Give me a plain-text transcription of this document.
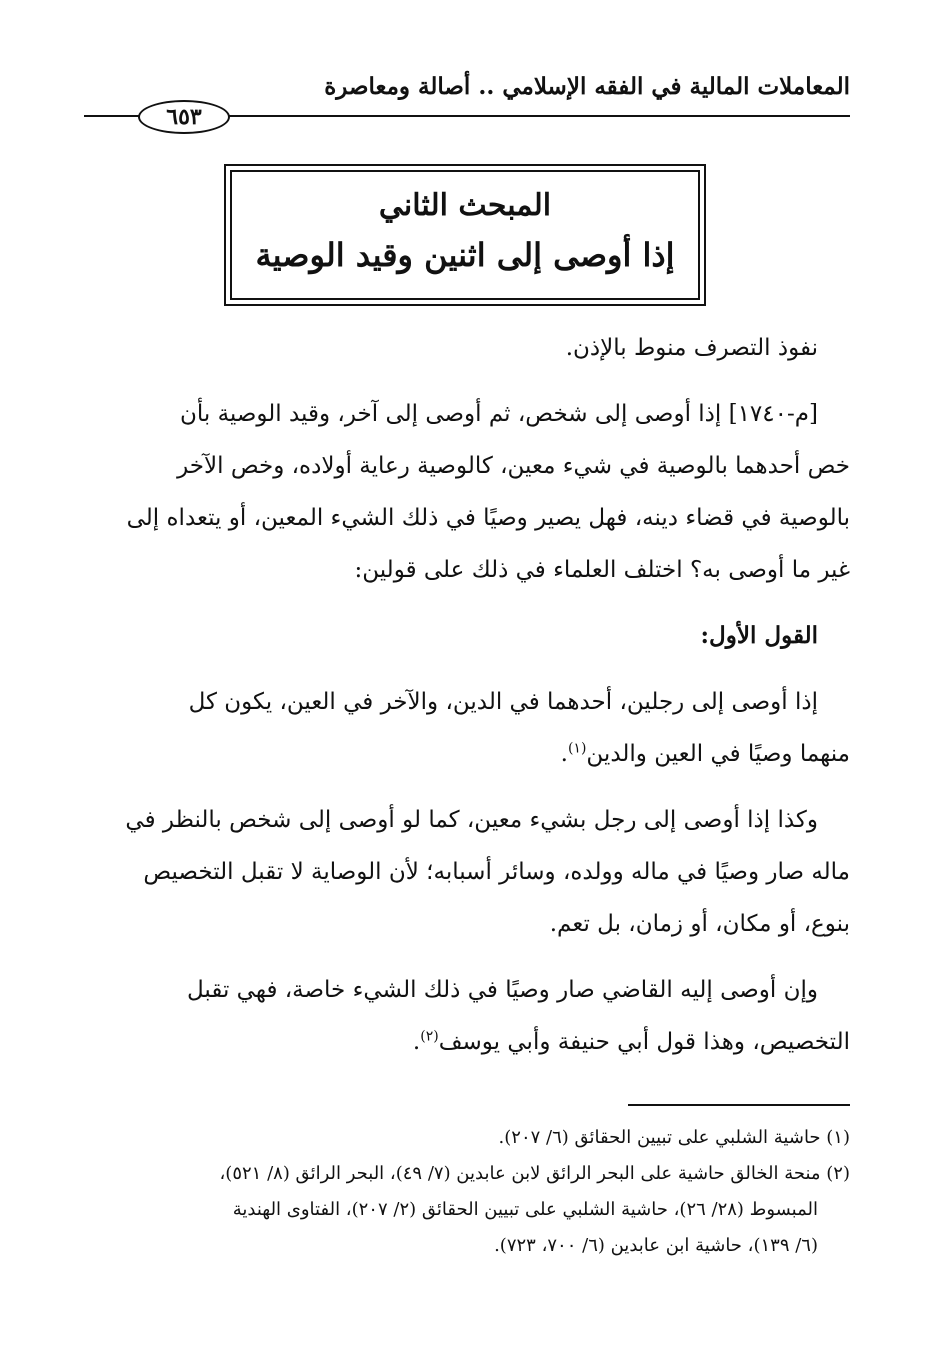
المعاملات المالية في الفقه الإسلامي .. أصالة ومعاصرة
٦٥٣
المبحث الثاني
إذا أوصى إلى اثنين وقيد الوصية

نفوذ التصرف منوط بالإذن.

[م-١٧٤٠] إذا أوصى إلى شخص، ثم أوصى إلى آخر، وقيد الوصية بأن

خص أحدهما بالوصية في شيء معين، كالوصية رعاية أولاده، وخص الآخر

بالوصية في قضاء دينه، فهل يصير وصيًا في ذلك الشيء المعين، أو يتعداه إلى

غير ما أوصى به؟ اختلف العلماء في ذلك على قولين:

القول الأول:

إذا أوصى إلى رجلين، أحدهما في الدين، والآخر في العين، يكون كل

منهما وصيًا في العين والدين$^{(١)}$.

وكذا إذا أوصى إلى رجل بشيء معين، كما لو أوصى إلى شخص بالنظر في

ماله صار وصيًا في ماله وولده، وسائر أسبابه؛ لأن الوصاية لا تقبل التخصيص

بنوع، أو مكان، أو زمان، بل تعم.

وإن أوصى إليه القاضي صار وصيًا في ذلك الشيء خاصة، فهي تقبل

التخصيص، وهذا قول أبي حنيفة وأبي يوسف$^{(٢)}$.

(١) حاشية الشلبي على تبيين الحقائق (٦/ ٢٠٧).

(٢) منحة الخالق حاشية على البحر الرائق لابن عابدين (٧/ ٤٩)، البحر الرائق (٨/ ٥٢١)،

المبسوط (٢٨/ ٢٦)، حاشية الشلبي على تبيين الحقائق (٢/ ٢٠٧)، الفتاوى الهندية

(٦/ ١٣٩)، حاشية ابن عابدين (٦/ ٧٠٠، ٧٢٣).
